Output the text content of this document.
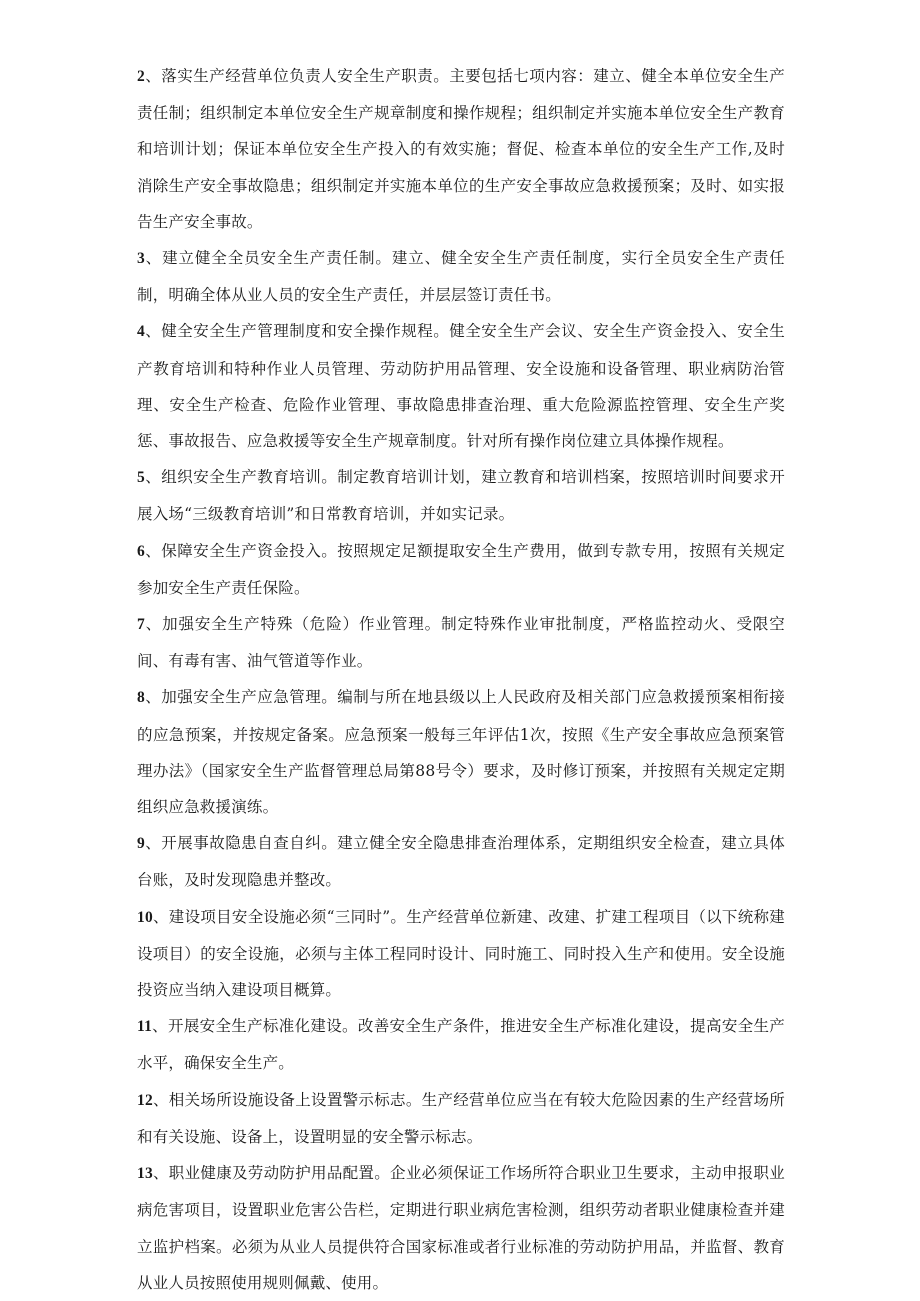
2、落实生产经营单位负责人安全生产职责。主要包括七项内容：建立、健全本单位安全生产责任制；组织制定本单位安全生产规章制度和操作规程；组织制定并实施本单位安全生产教育和培训计划；保证本单位安全生产投入的有效实施；督促、检查本单位的安全生产工作,及时消除生产安全事故隐患；组织制定并实施本单位的生产安全事故应急救援预案；及时、如实报告生产安全事故。

3、建立健全全员安全生产责任制。建立、健全安全生产责任制度，实行全员安全生产责任制，明确全体从业人员的安全生产责任，并层层签订责任书。

4、健全安全生产管理制度和安全操作规程。健全安全生产会议、安全生产资金投入、安全生产教育培训和特种作业人员管理、劳动防护用品管理、安全设施和设备管理、职业病防治管理、安全生产检查、危险作业管理、事故隐患排查治理、重大危险源监控管理、安全生产奖惩、事故报告、应急救援等安全生产规章制度。针对所有操作岗位建立具体操作规程。

5、组织安全生产教育培训。制定教育培训计划，建立教育和培训档案，按照培训时间要求开展入场“三级教育培训”和日常教育培训，并如实记录。

6、保障安全生产资金投入。按照规定足额提取安全生产费用，做到专款专用，按照有关规定参加安全生产责任保险。

7、加强安全生产特殊（危险）作业管理。制定特殊作业审批制度，严格监控动火、受限空间、有毒有害、油气管道等作业。

8、加强安全生产应急管理。编制与所在地县级以上人民政府及相关部门应急救援预案相衔接的应急预案，并按规定备案。应急预案一般每三年评估1次，按照《生产安全事故应急预案管理办法》（国家安全生产监督管理总局第88号令）要求，及时修订预案，并按照有关规定定期组织应急救援演练。

9、开展事故隐患自查自纠。建立健全安全隐患排查治理体系，定期组织安全检查，建立具体台账，及时发现隐患并整改。

10、建设项目安全设施必须“三同时”。生产经营单位新建、改建、扩建工程项目（以下统称建设项目）的安全设施，必须与主体工程同时设计、同时施工、同时投入生产和使用。安全设施投资应当纳入建设项目概算。

11、开展安全生产标准化建设。改善安全生产条件，推进安全生产标准化建设，提高安全生产水平，确保安全生产。

12、相关场所设施设备上设置警示标志。生产经营单位应当在有较大危险因素的生产经营场所和有关设施、设备上，设置明显的安全警示标志。

13、职业健康及劳动防护用品配置。企业必须保证工作场所符合职业卫生要求，主动申报职业病危害项目，设置职业危害公告栏，定期进行职业病危害检测，组织劳动者职业健康检查并建立监护档案。必须为从业人员提供符合国家标准或者行业标准的劳动防护用品，并监督、教育从业人员按照使用规则佩戴、使用。
